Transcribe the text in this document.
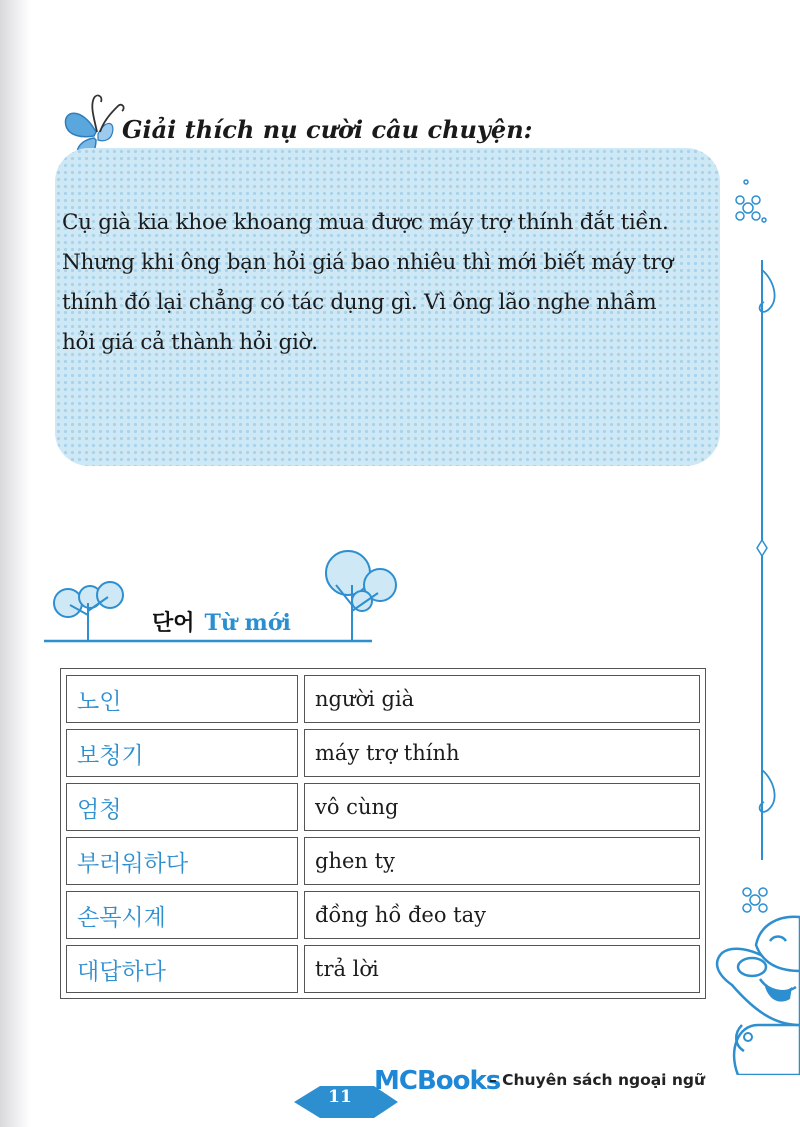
Giải thích nụ cười câu chuyện:
Cụ già kia khoe khoang mua được máy trợ thính đắt tiền.
Nhưng khi ông bạn hỏi giá bao nhiêu thì mới biết máy trợ
thính đó lại chẳng có tác dụng gì. Vì ông lão nghe nhầm
hỏi giá cả thành hỏi giờ.
단어 Từ mới
노인	người già
보청기	máy trợ thính
엄청	vô cùng
부러워하다	ghen tỵ
손목시계	đồng hồ đeo tay
대답하다	trả lời
11
MCBooks
– Chuyên sách ngoại ngữ
